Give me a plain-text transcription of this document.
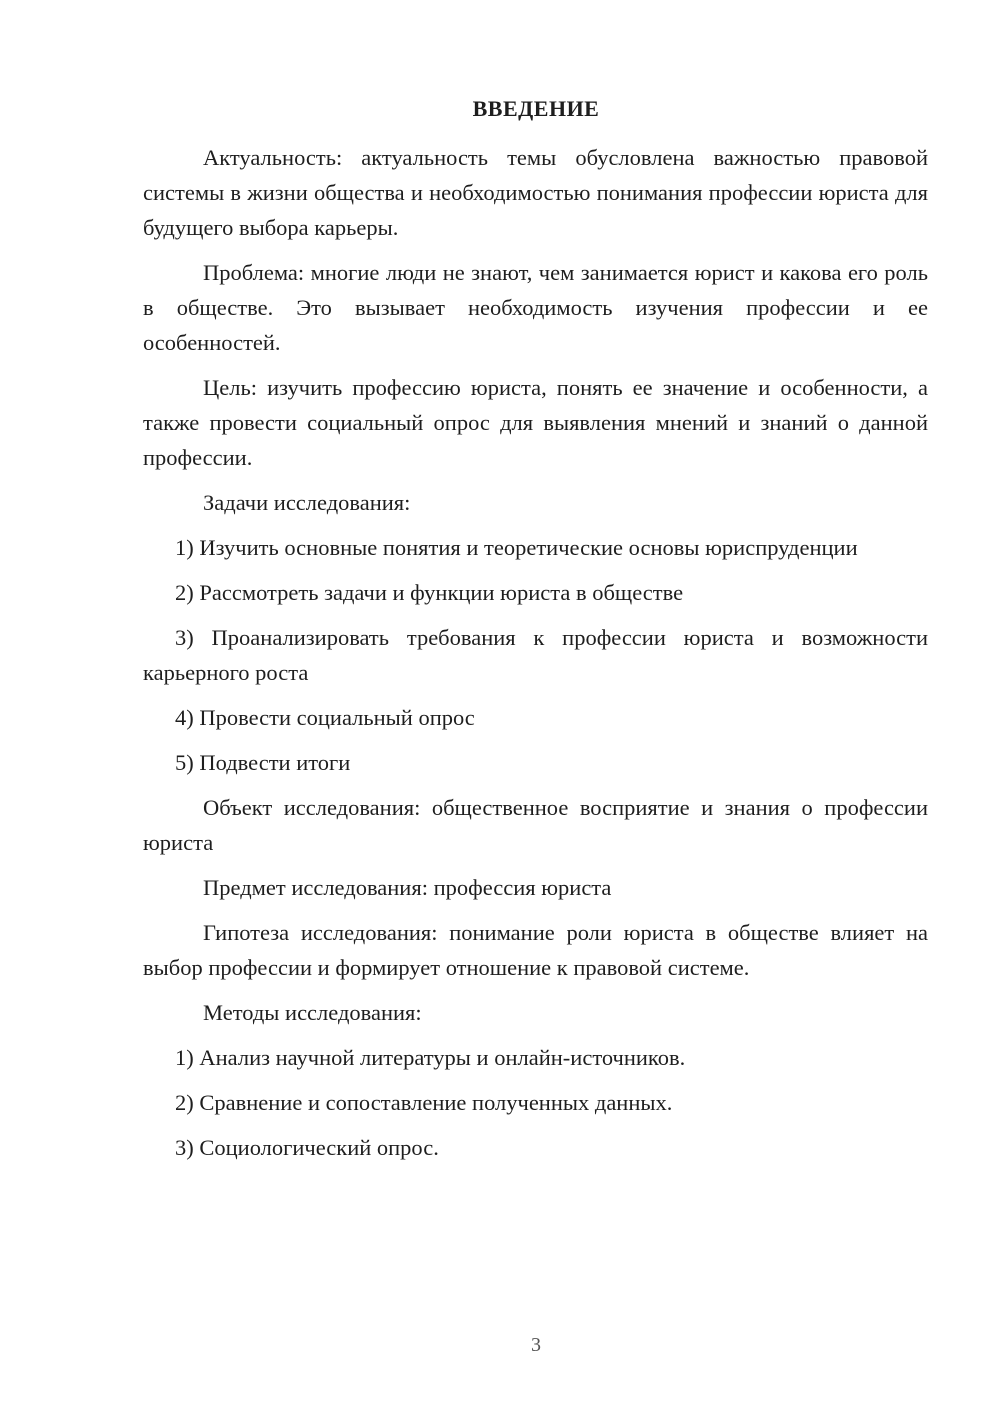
ВВЕДЕНИЕ

Актуальность: актуальность темы обусловлена важностью правовой системы в жизни общества и необходимостью понимания профессии юриста для будущего выбора карьеры.

Проблема: многие люди не знают, чем занимается юрист и какова его роль в обществе. Это вызывает необходимость изучения профессии и ее особенностей.

Цель: изучить профессию юриста, понять ее значение и особенности, а также провести социальный опрос для выявления мнений и знаний о данной профессии.

Задачи исследования:

1) Изучить основные понятия и теоретические основы юриспруденции

2) Рассмотреть задачи и функции юриста в обществе

3) Проанализировать требования к профессии юриста и возможности карьерного роста

4) Провести социальный опрос

5) Подвести итоги

Объект исследования: общественное восприятие и знания о профессии юриста

Предмет исследования: профессия юриста

Гипотеза исследования: понимание роли юриста в обществе влияет на выбор профессии и формирует отношение к правовой системе.

Методы исследования:

1) Анализ научной литературы и онлайн-источников.

2) Сравнение и сопоставление полученных данных.

3) Социологический опрос.

3
